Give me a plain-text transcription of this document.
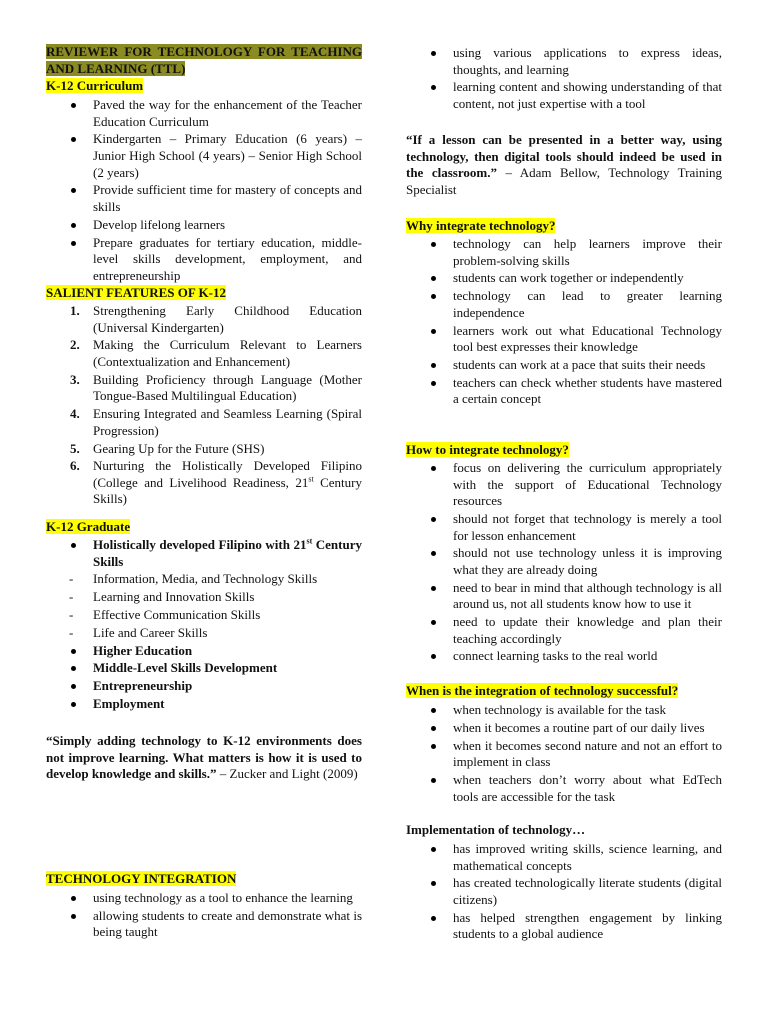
REVIEWER FOR TECHNOLOGY FOR TEACHING AND LEARNING (TTL)
K-12 Curriculum
Paved the way for the enhancement of the Teacher Education Curriculum
Kindergarten – Primary Education (6 years) – Junior High School (4 years) – Senior High School (2 years)
Provide sufficient time for mastery of concepts and skills
Develop lifelong learners
Prepare graduates for tertiary education, middle-level skills development, employment, and entrepreneurship
SALIENT FEATURES OF K-12
1. Strengthening Early Childhood Education (Universal Kindergarten)
2. Making the Curriculum Relevant to Learners (Contextualization and Enhancement)
3. Building Proficiency through Language (Mother Tongue-Based Multilingual Education)
4. Ensuring Integrated and Seamless Learning (Spiral Progression)
5. Gearing Up for the Future (SHS)
6. Nurturing the Holistically Developed Filipino (College and Livelihood Readiness, 21st Century Skills)
K-12 Graduate
Holistically developed Filipino with 21st Century Skills
- Information, Media, and Technology Skills
- Learning and Innovation Skills
- Effective Communication Skills
- Life and Career Skills
Higher Education
Middle-Level Skills Development
Entrepreneurship
Employment

“Simply adding technology to K-12 environments does not improve learning. What matters is how it is used to develop knowledge and skills.” – Zucker and Light (2009)

TECHNOLOGY INTEGRATION
using technology as a tool to enhance the learning
allowing students to create and demonstrate what is being taught
using various applications to express ideas, thoughts, and learning
learning content and showing understanding of that content, not just expertise with a tool

“If a lesson can be presented in a better way, using technology, then digital tools should indeed be used in the classroom.” – Adam Bellow, Technology Training Specialist

Why integrate technology?
technology can help learners improve their problem-solving skills
students can work together or independently
technology can lead to greater learning independence
learners work out what Educational Technology tool best expresses their knowledge
students can work at a pace that suits their needs
teachers can check whether students have mastered a certain concept
How to integrate technology?
focus on delivering the curriculum appropriately with the support of Educational Technology resources
should not forget that technology is merely a tool for lesson enhancement
should not use technology unless it is improving what they are already doing
need to bear in mind that although technology is all around us, not all students know how to use it
need to update their knowledge and plan their teaching accordingly
connect learning tasks to the real world
When is the integration of technology successful?
when technology is available for the task
when it becomes a routine part of our daily lives
when it becomes second nature and not an effort to implement in class
when teachers don’t worry about what EdTech tools are accessible for the task
Implementation of technology…
has improved writing skills, science learning, and mathematical concepts
has created technologically literate students (digital citizens)
has helped strengthen engagement by linking students to a global audience
